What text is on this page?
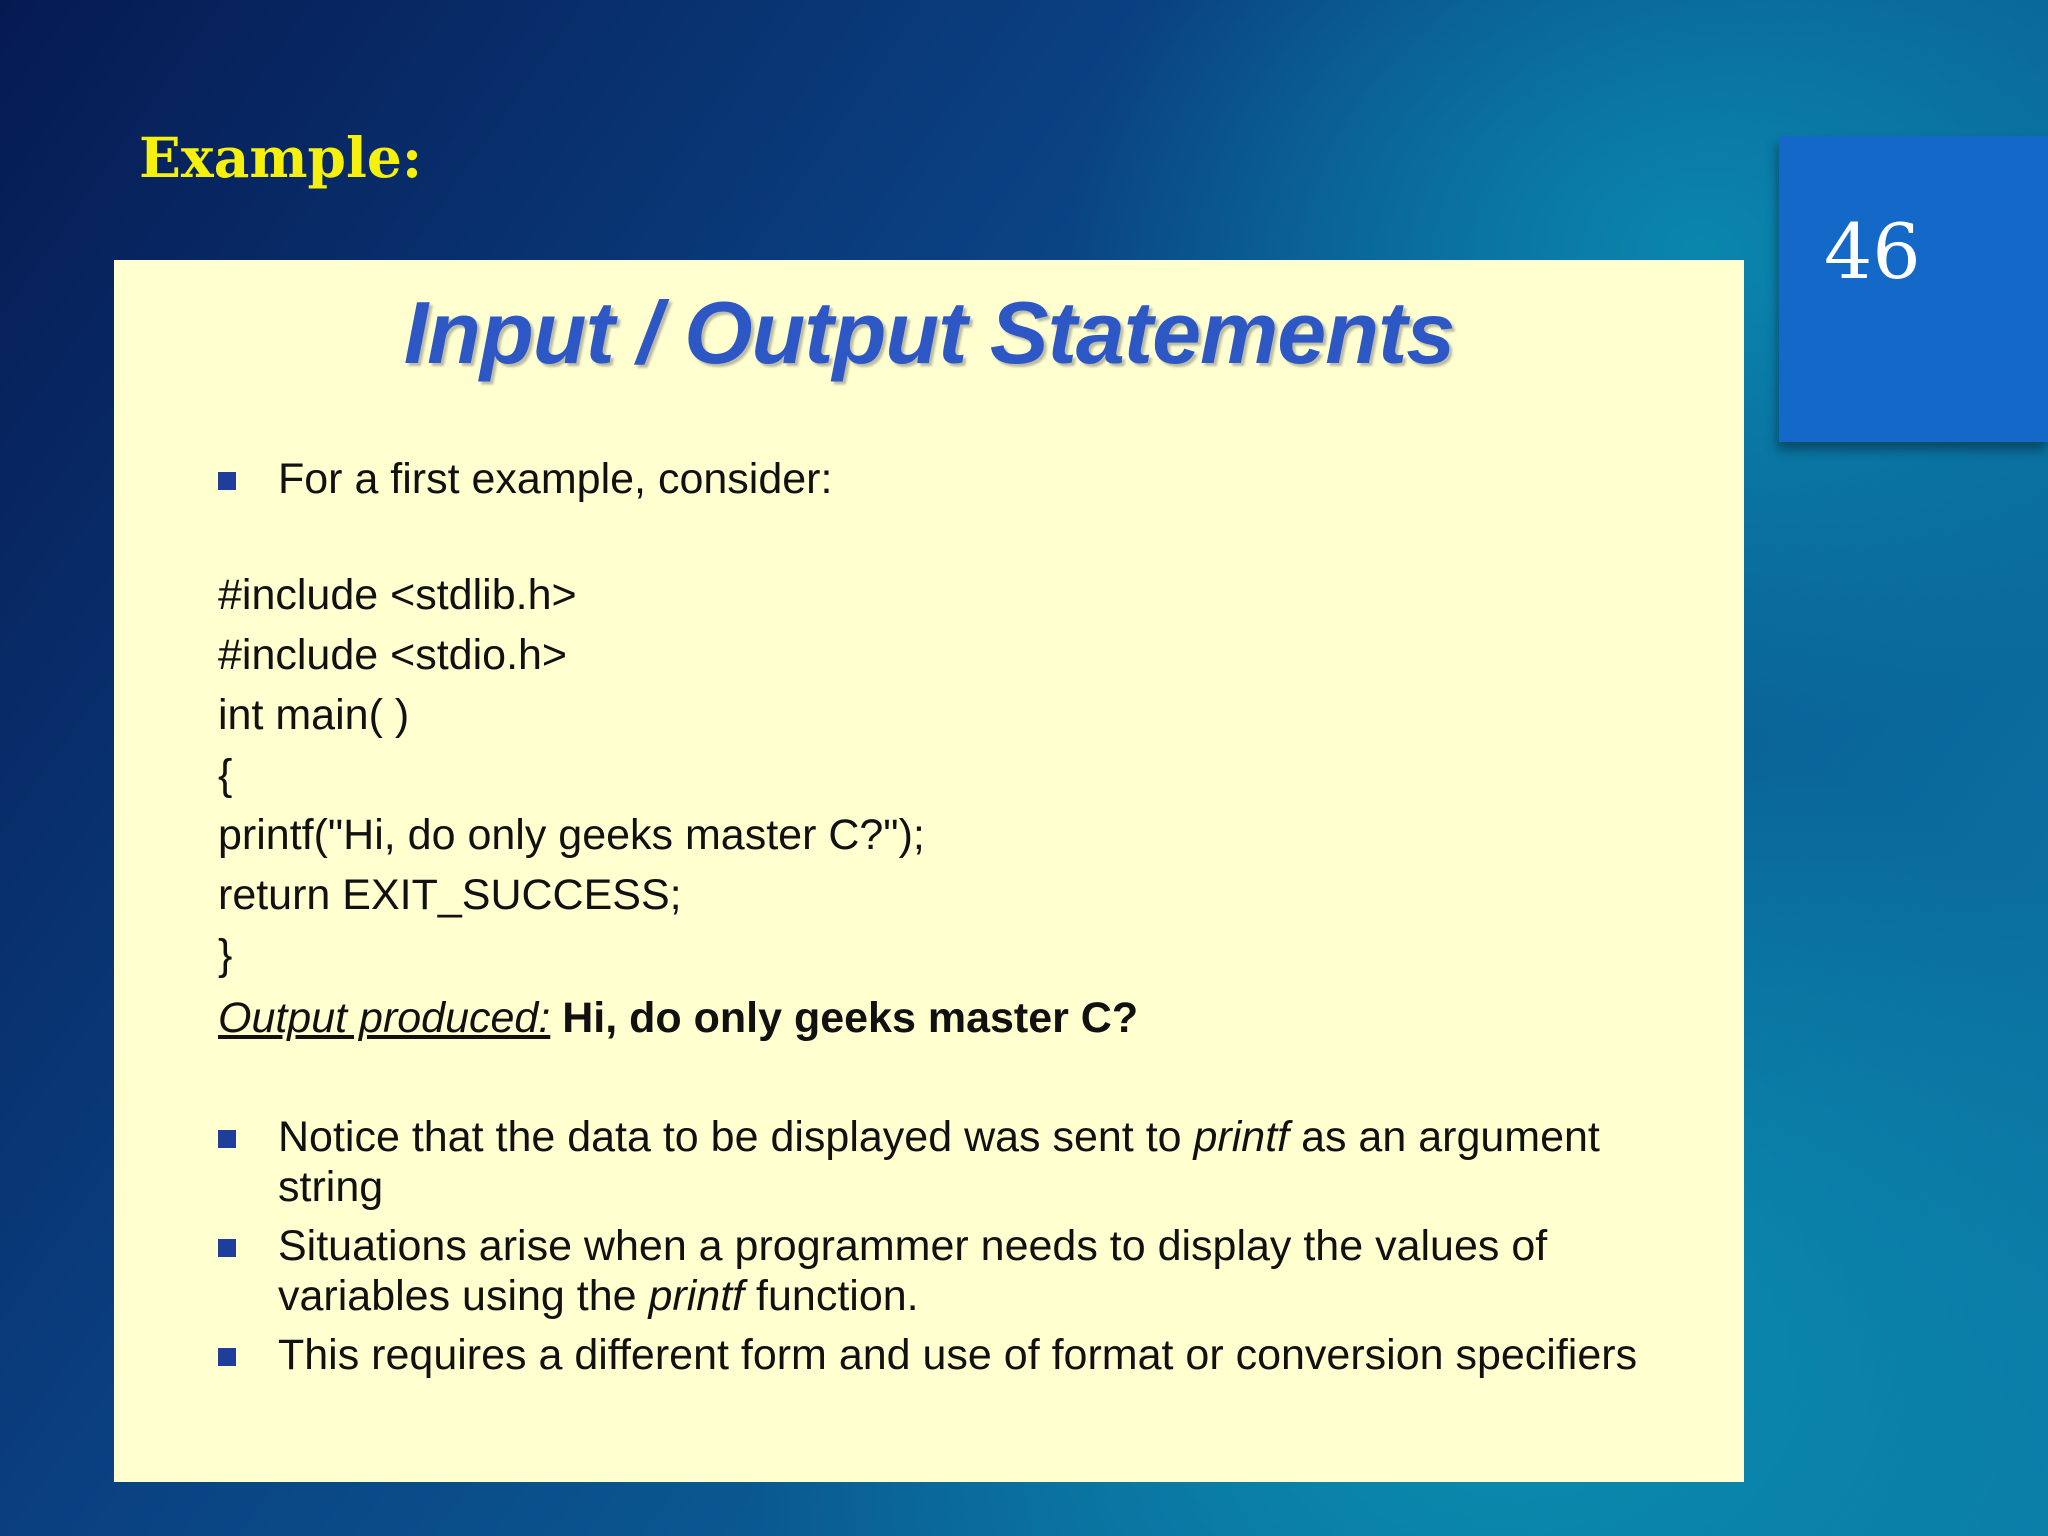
Example:
46
Input / Output Statements
For a first example, consider:
#include <stdlib.h>
#include <stdio.h>
int main( )
{
printf("Hi, do only geeks master C?");
return EXIT_SUCCESS;
}
Output produced: Hi, do only geeks master C?
Notice that the data to be displayed was sent to printf as an argument string
Situations arise when a programmer needs to display the values of variables using the printf function.
This requires a different form and use of format or conversion specifiers
